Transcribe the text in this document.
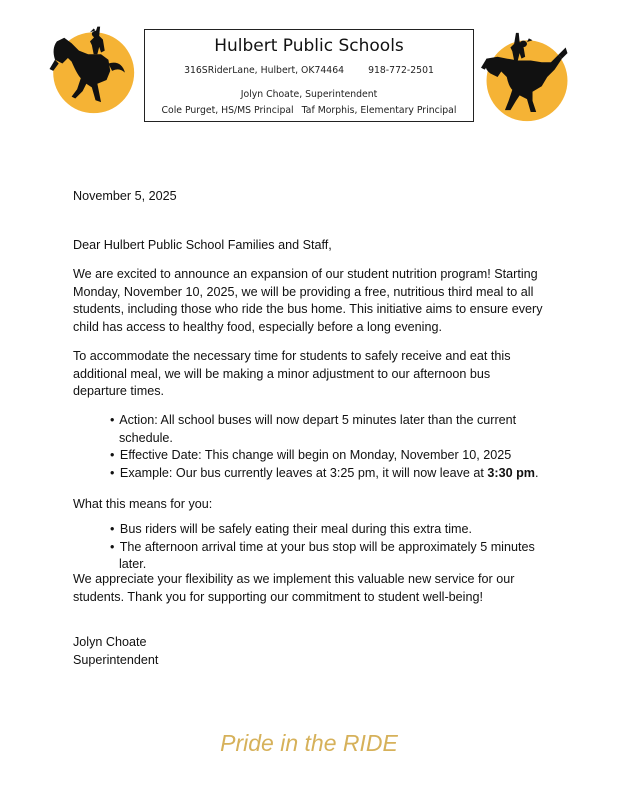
Hulbert Public Schools
316SRiderLane, Hulbert, OK74464	918-772-2501
Jolyn Choate, Superintendent
Cole Purget, HS/MS Principal Taf Morphis, Elementary Principal

November 5, 2025

Dear Hulbert Public School Families and Staff,

We are excited to announce an expansion of our student nutrition program! Starting Monday, November 10, 2025, we will be providing a free, nutritious third meal to all students, including those who ride the bus home. This initiative aims to ensure every child has access to healthy food, especially before a long evening.

To accommodate the necessary time for students to safely receive and eat this additional meal, we will be making a minor adjustment to our afternoon bus departure times.

• Action: All school buses will now depart 5 minutes later than the current schedule.
• Effective Date: This change will begin on Monday, November 10, 2025
• Example: Our bus currently leaves at 3:25 pm, it will now leave at 3:30 pm.

What this means for you:

• Bus riders will be safely eating their meal during this extra time.
• The afternoon arrival time at your bus stop will be approximately 5 minutes later.

We appreciate your flexibility as we implement this valuable new service for our students. Thank you for supporting our commitment to student well-being!

Jolyn Choate

Superintendent

Pride in the RIDE
